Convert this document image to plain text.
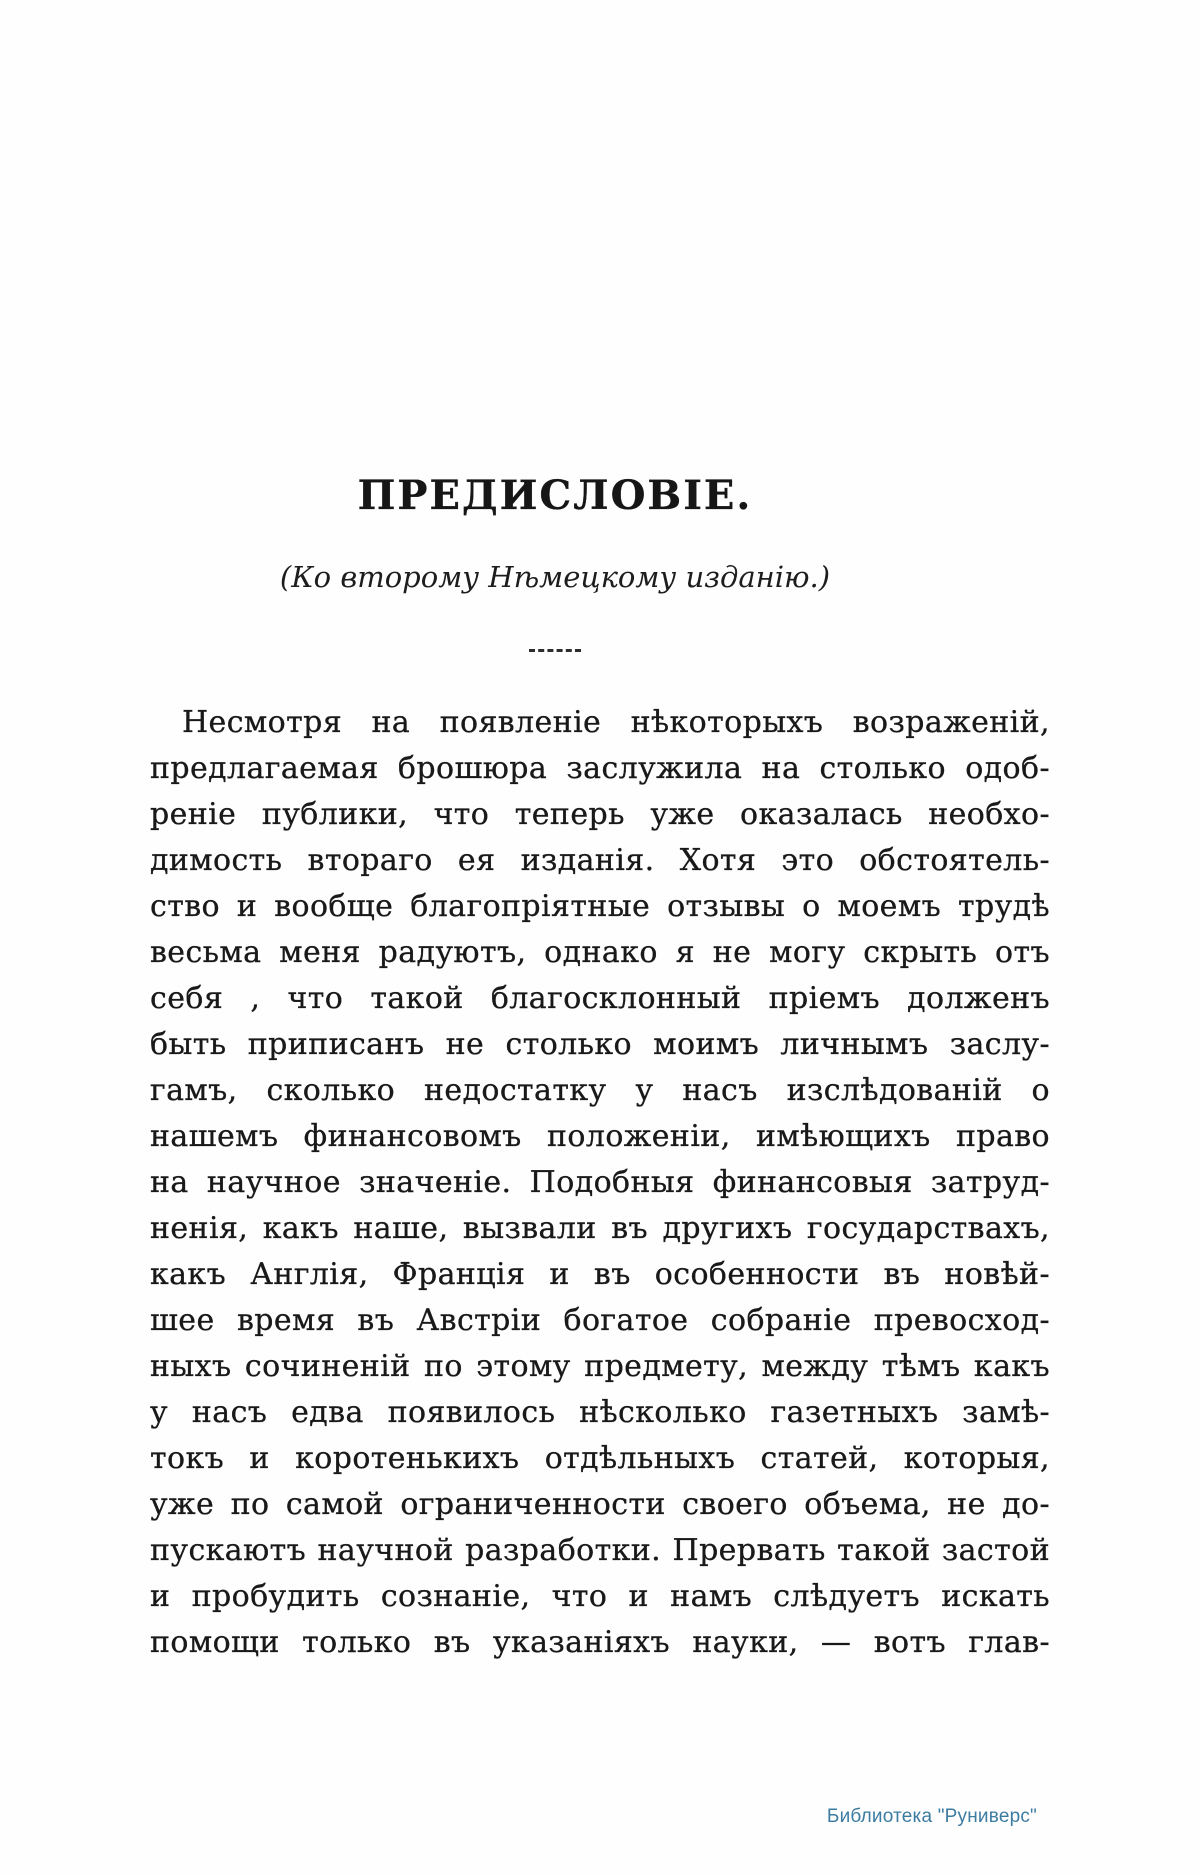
ПРЕДИСЛОВІЕ.
(Ко второму Нѣмецкому изданію.)
Несмотря на появленіе нѣкоторыхъ возраженій,
предлагаемая брошюра заслужила на столько одоб-
реніе публики, что теперь уже оказалась необхо-
димость втораго ея изданія. Хотя это обстоятель-
ство и вообще благопріятные отзывы о моемъ трудѣ
весьма меня радуютъ, однако я не могу скрыть отъ
себя , что такой благосклонный пріемъ долженъ
быть приписанъ не столько моимъ личнымъ заслу-
гамъ, сколько недостатку у насъ изслѣдованій о
нашемъ финансовомъ положеніи, имѣющихъ право
на научное значеніе. Подобныя финансовыя затруд-
ненія, какъ наше, вызвали въ другихъ государствахъ,
какъ Англія, Франція и въ особенности въ новѣй-
шее время въ Австріи богатое собраніе превосход-
ныхъ сочиненій по этому предмету, между тѣмъ какъ
у насъ едва появилось нѣсколько газетныхъ замѣ-
токъ и коротенькихъ отдѣльныхъ статей, которыя,
уже по самой ограниченности своего объема, не до-
пускаютъ научной разработки. Прервать такой застой
и пробудить сознаніе, что и намъ слѣдуетъ искать
помощи только въ указаніяхъ науки, — вотъ глав-
Библиотека "Руниверс"
